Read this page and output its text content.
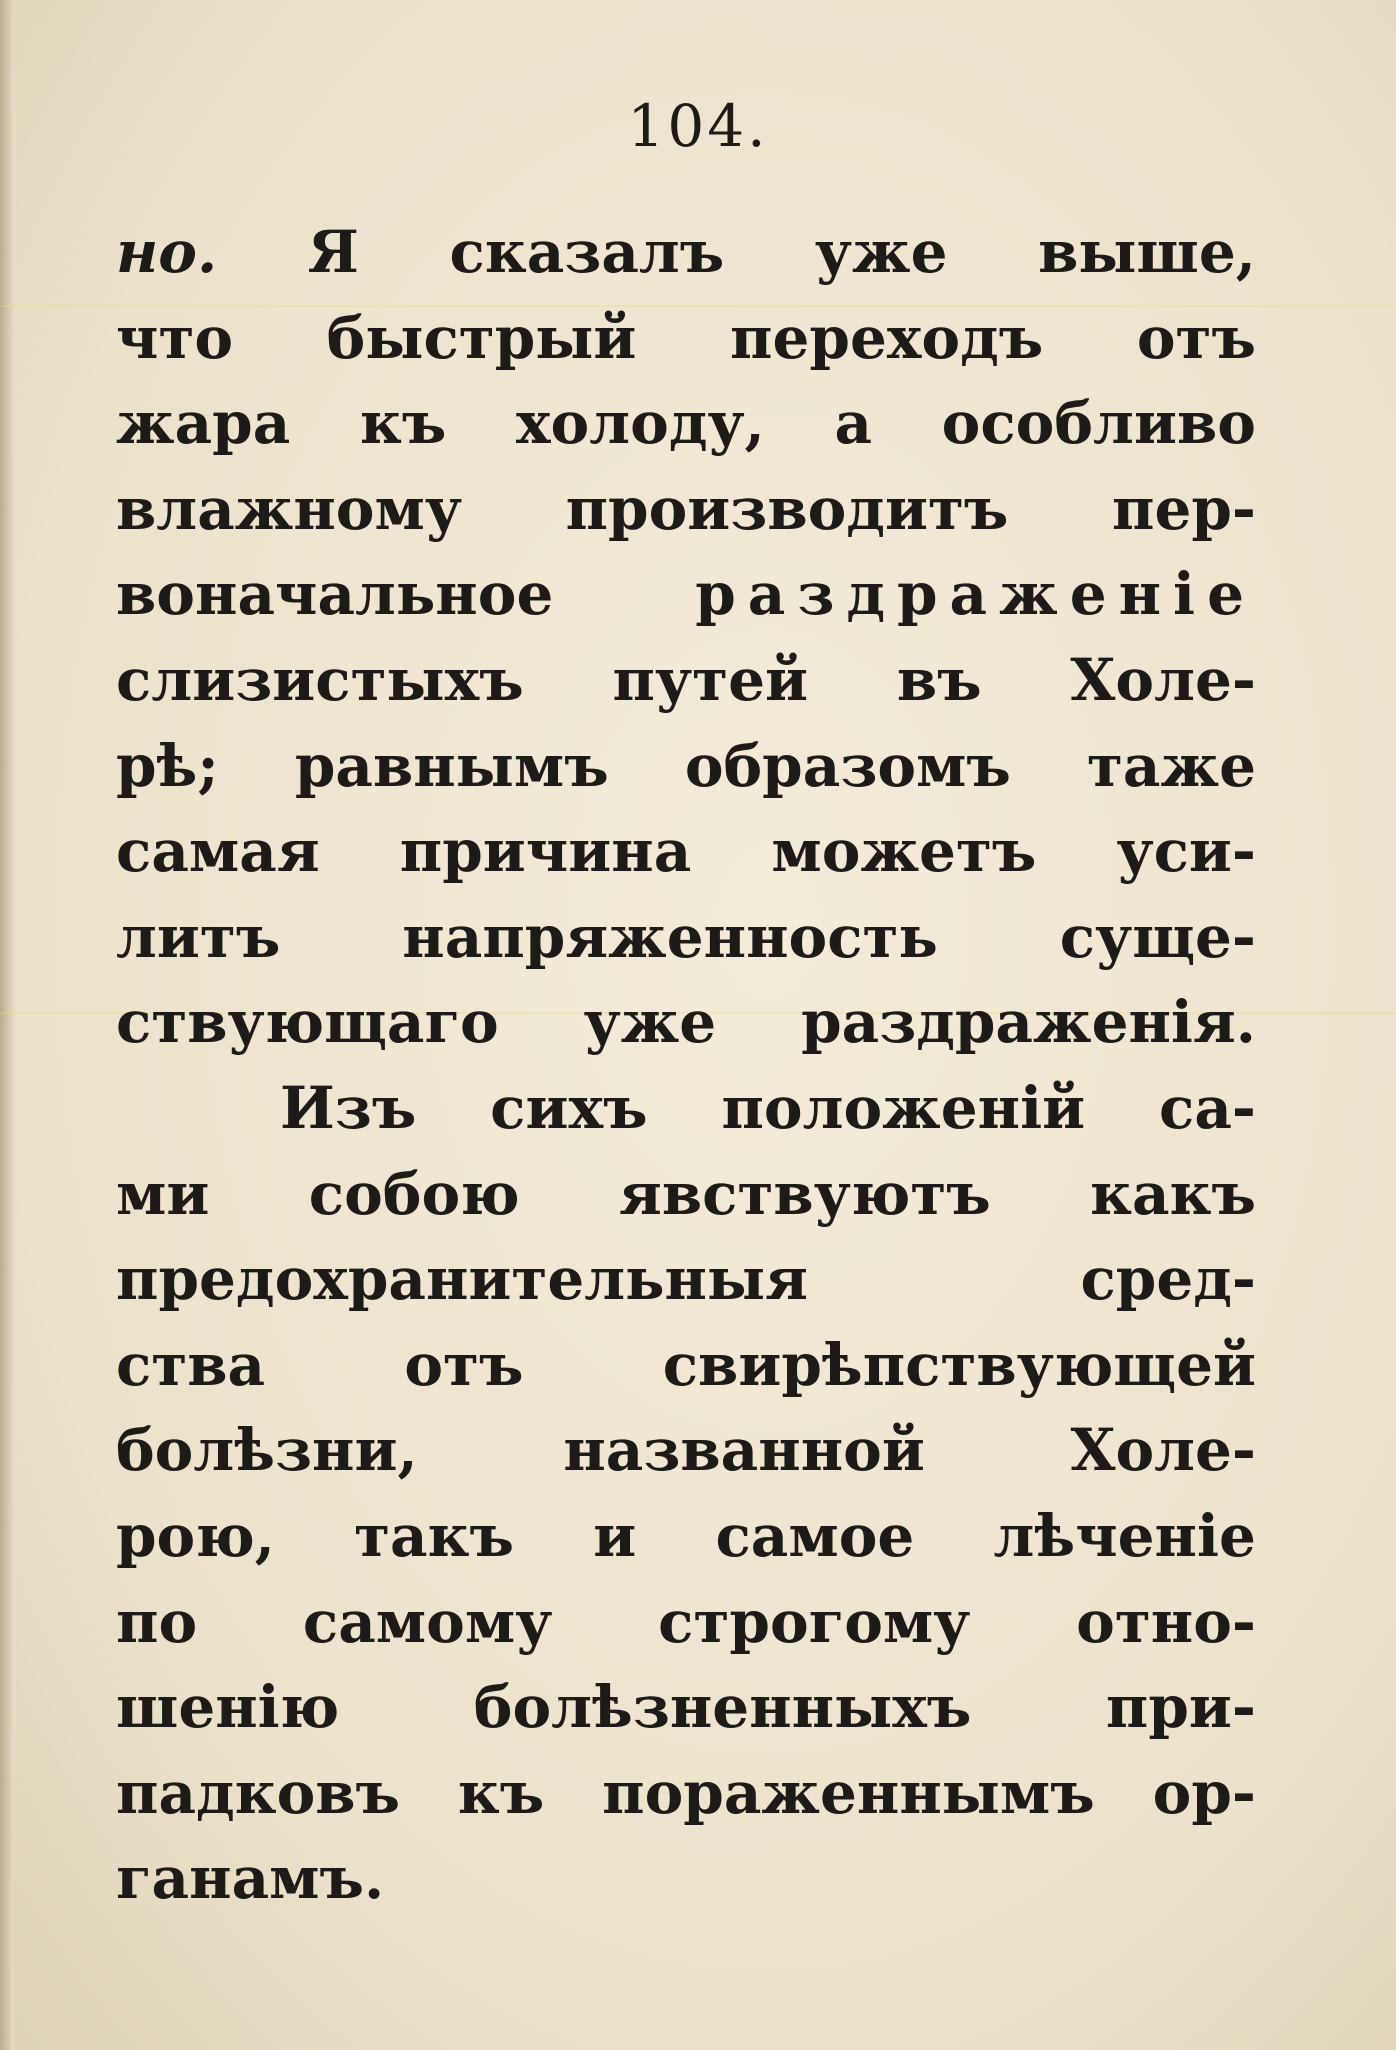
104.
но. Я сказалъ уже выше,
что быстрый переходъ отъ
жара къ холоду, а особливо
влажному производитъ пер-
воначальное раздраженіе
слизистыхъ путей въ Холе-
рѣ; равнымъ образомъ таже
самая причина можетъ уси-
литъ напряженность суще-
ствующаго уже раздраженія.
Изъ сихъ положеній са-
ми собою явствуютъ какъ
предохранительныя	сред-
ства отъ свирѣпствующей
болѣзни,	названной	Холе-
рою, такъ и самое лѣченіе
по самому строгому отно-
шенію болѣзненныхъ при-
падковъ къ пораженнымъ ор-
ганамъ.
